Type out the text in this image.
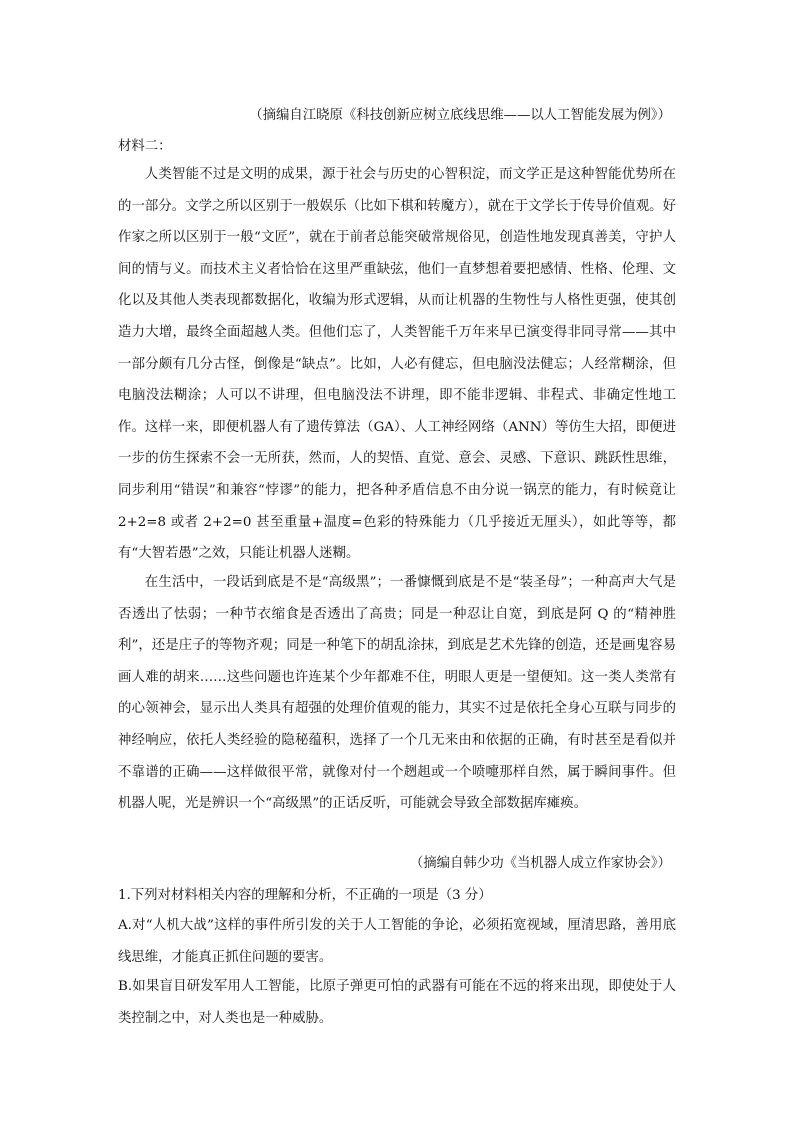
（摘编自江晓原《科技创新应树立底线思维——以人工智能发展为例》）
材料二：
人类智能不过是文明的成果，源于社会与历史的心智积淀，而文学正是这种智能优势所在的一部分。文学之所以区别于一般娱乐（比如下棋和转魔方），就在于文学长于传导价值观。好作家之所以区别于一般“文匠”，就在于前者总能突破常规俗见，创造性地发现真善美，守护人间的情与义。而技术主义者恰恰在这里严重缺弦，他们一直梦想着要把感情、性格、伦理、文化以及其他人类表现都数据化，收编为形式逻辑，从而让机器的生物性与人格性更强，使其创造力大增，最终全面超越人类。但他们忘了，人类智能千万年来早已演变得非同寻常——其中一部分颇有几分古怪，倒像是“缺点”。比如，人必有健忘，但电脑没法健忘；人经常糊涂，但电脑没法糊涂；人可以不讲理，但电脑没法不讲理，即不能非逻辑、非程式、非确定性地工作。这样一来，即便机器人有了遗传算法（GA）、人工神经网络（ANN）等仿生大招，即便进一步的仿生探索不会一无所获，然而，人的契悟、直觉、意会、灵感、下意识、跳跃性思维，同步利用“错误”和兼容“悖谬”的能力，把各种矛盾信息不由分说一锅烹的能力，有时候竟让 2+2=8 或者 2+2=0 甚至重量+温度=色彩的特殊能力（几乎接近无厘头），如此等等，都有“大智若愚”之效，只能让机器人迷糊。
在生活中，一段话到底是不是“高级黑”；一番慷慨到底是不是“装圣母”；一种高声大气是否透出了怯弱；一种节衣缩食是否透出了高贵；同是一种忍让自宽，到底是阿 Q 的“精神胜利”，还是庄子的等物齐观；同是一种笔下的胡乱涂抹，到底是艺术先锋的创造，还是画鬼容易画人难的胡来……这些问题也许连某个少年都难不住，明眼人更是一望便知。这一类人类常有的心领神会，显示出人类具有超强的处理价值观的能力，其实不过是依托全身心互联与同步的神经响应，依托人类经验的隐秘蕴积，选择了一个几无来由和依据的正确，有时甚至是看似并不靠谱的正确——这样做很平常，就像对付一个趔趄或一个喷嚏那样自然，属于瞬间事件。但机器人呢，光是辨识一个“高级黑”的正话反听，可能就会导致全部数据库瘫痪。
（摘编自韩少功《当机器人成立作家协会》）
1.下列对材料相关内容的理解和分析，不正确的一项是（3 分）
A.对“人机大战”这样的事件所引发的关于人工智能的争论，必须拓宽视域，厘清思路，善用底线思维，才能真正抓住问题的要害。
B.如果盲目研发军用人工智能，比原子弹更可怕的武器有可能在不远的将来出现，即使处于人类控制之中，对人类也是一种威胁。
